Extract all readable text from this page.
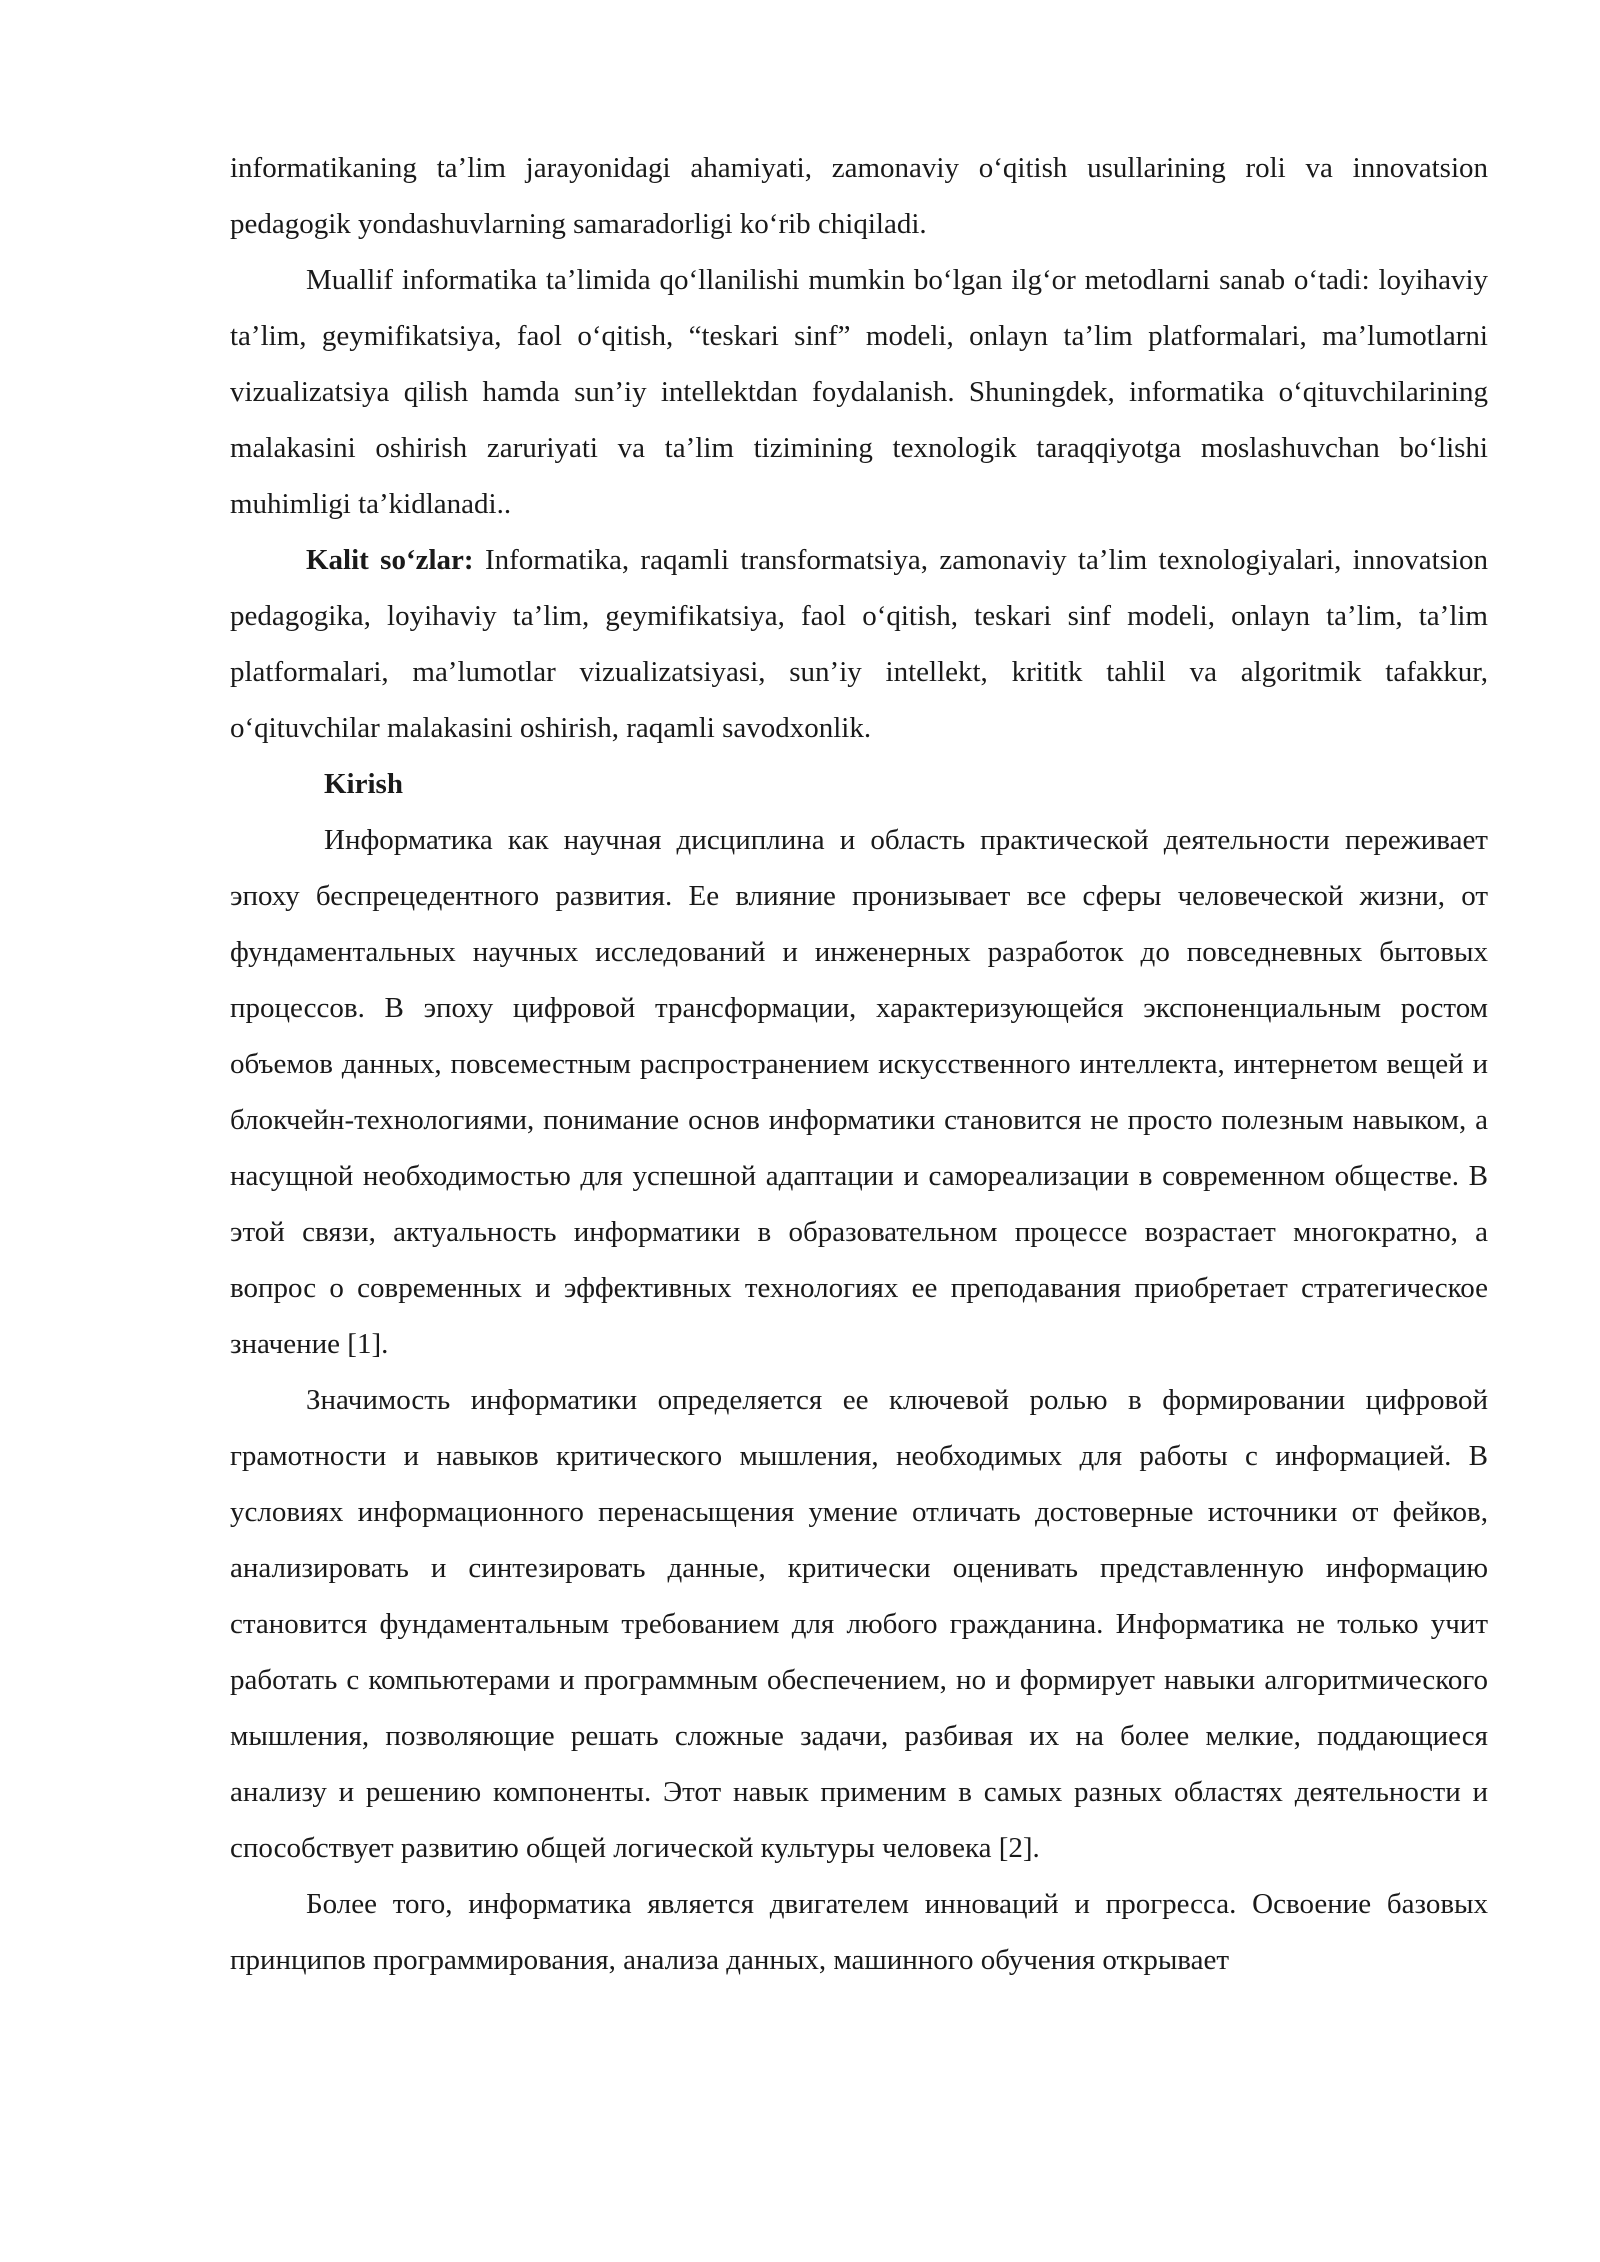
informatikaning ta’lim jarayonidagi ahamiyati, zamonaviy o‘qitish usullarining roli va innovatsion pedagogik yondashuvlarning samaradorligi ko‘rib chiqiladi.

Muallif informatika ta’limida qo‘llanilishi mumkin bo‘lgan ilg‘or metodlarni sanab o‘tadi: loyihaviy ta’lim, geymifikatsiya, faol o‘qitish, “teskari sinf” modeli, onlayn ta’lim platformalari, ma’lumotlarni vizualizatsiya qilish hamda sun’iy intellektdan foydalanish. Shuningdek, informatika o‘qituvchilarining malakasini oshirish zaruriyati va ta’lim tizimining texnologik taraqqiyotga moslashuvchan bo‘lishi muhimligi ta’kidlanadi..

Kalit so‘zlar: Informatika, raqamli transformatsiya, zamonaviy ta’lim texnologiyalari, innovatsion pedagogika, loyihaviy ta’lim, geymifikatsiya, faol o‘qitish, teskari sinf modeli, onlayn ta’lim, ta’lim platformalari, ma’lumotlar vizualizatsiyasi, sun’iy intellekt, krititk tahlil va algoritmik tafakkur, o‘qituvchilar malakasini oshirish, raqamli savodxonlik.

Kirish

Информатика как научная дисциплина и область практической деятельности переживает эпоху беспрецедентного развития. Ее влияние пронизывает все сферы человеческой жизни, от фундаментальных научных исследований и инженерных разработок до повседневных бытовых процессов. В эпоху цифровой трансформации, характеризующейся экспоненциальным ростом объемов данных, повсеместным распространением искусственного интеллекта, интернетом вещей и блокчейн-технологиями, понимание основ информатики становится не просто полезным навыком, а насущной необходимостью для успешной адаптации и самореализации в современном обществе. В этой связи, актуальность информатики в образовательном процессе возрастает многократно, а вопрос о современных и эффективных технологиях ее преподавания приобретает стратегическое значение [1].

Значимость информатики определяется ее ключевой ролью в формировании цифровой грамотности и навыков критического мышления, необходимых для работы с информацией. В условиях информационного перенасыщения умение отличать достоверные источники от фейков, анализировать и синтезировать данные, критически оценивать представленную информацию становится фундаментальным требованием для любого гражданина. Информатика не только учит работать с компьютерами и программным обеспечением, но и формирует навыки алгоритмического мышления, позволяющие решать сложные задачи, разбивая их на более мелкие, поддающиеся анализу и решению компоненты. Этот навык применим в самых разных областях деятельности и способствует развитию общей логической культуры человека [2].

Более того, информатика является двигателем инноваций и прогресса. Освоение базовых принципов программирования, анализа данных, машинного обучения открывает
